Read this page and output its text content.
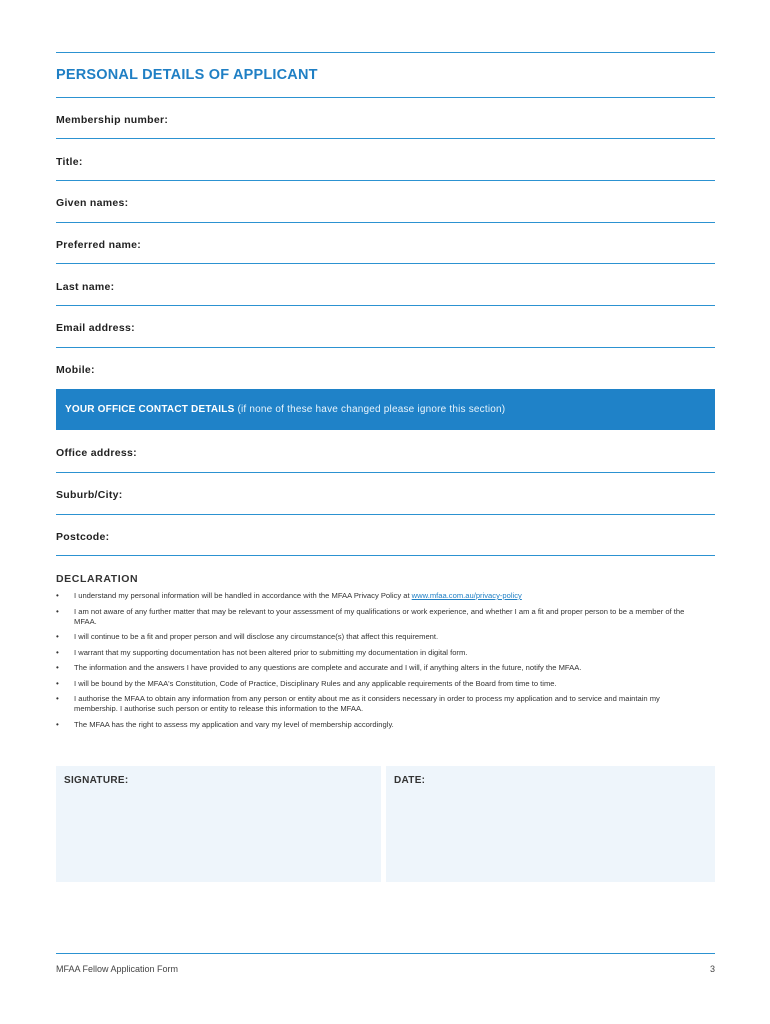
PERSONAL DETAILS OF APPLICANT
Membership number:
Title:
Given names:
Preferred name:
Last name:
Email address:
Mobile:
YOUR OFFICE CONTACT DETAILS (if none of these have changed please ignore this section)
Office address:
Suburb/City:
Postcode:
DECLARATION
• I understand my personal information will be handled in accordance with the MFAA Privacy Policy at www.mfaa.com.au/privacy-policy
• I am not aware of any further matter that may be relevant to your assessment of my qualifications or work experience, and whether I am a fit and proper person to be a member of the MFAA.
• I will continue to be a fit and proper person and will disclose any circumstance(s) that affect this requirement.
• I warrant that my supporting documentation has not been altered prior to submitting my documentation in digital form.
• The information and the answers I have provided to any questions are complete and accurate and I will, if anything alters in the future, notify the MFAA.
• I will be bound by the MFAA's Constitution, Code of Practice, Disciplinary Rules and any applicable requirements of the Board from time to time.
• I authorise the MFAA to obtain any information from any person or entity about me as it considers necessary in order to process my application and to service and maintain my membership. I authorise such person or entity to release this information to the MFAA.
• The MFAA has the right to assess my application and vary my level of membership accordingly.
SIGNATURE:	DATE:
MFAA Fellow Application Form	3
